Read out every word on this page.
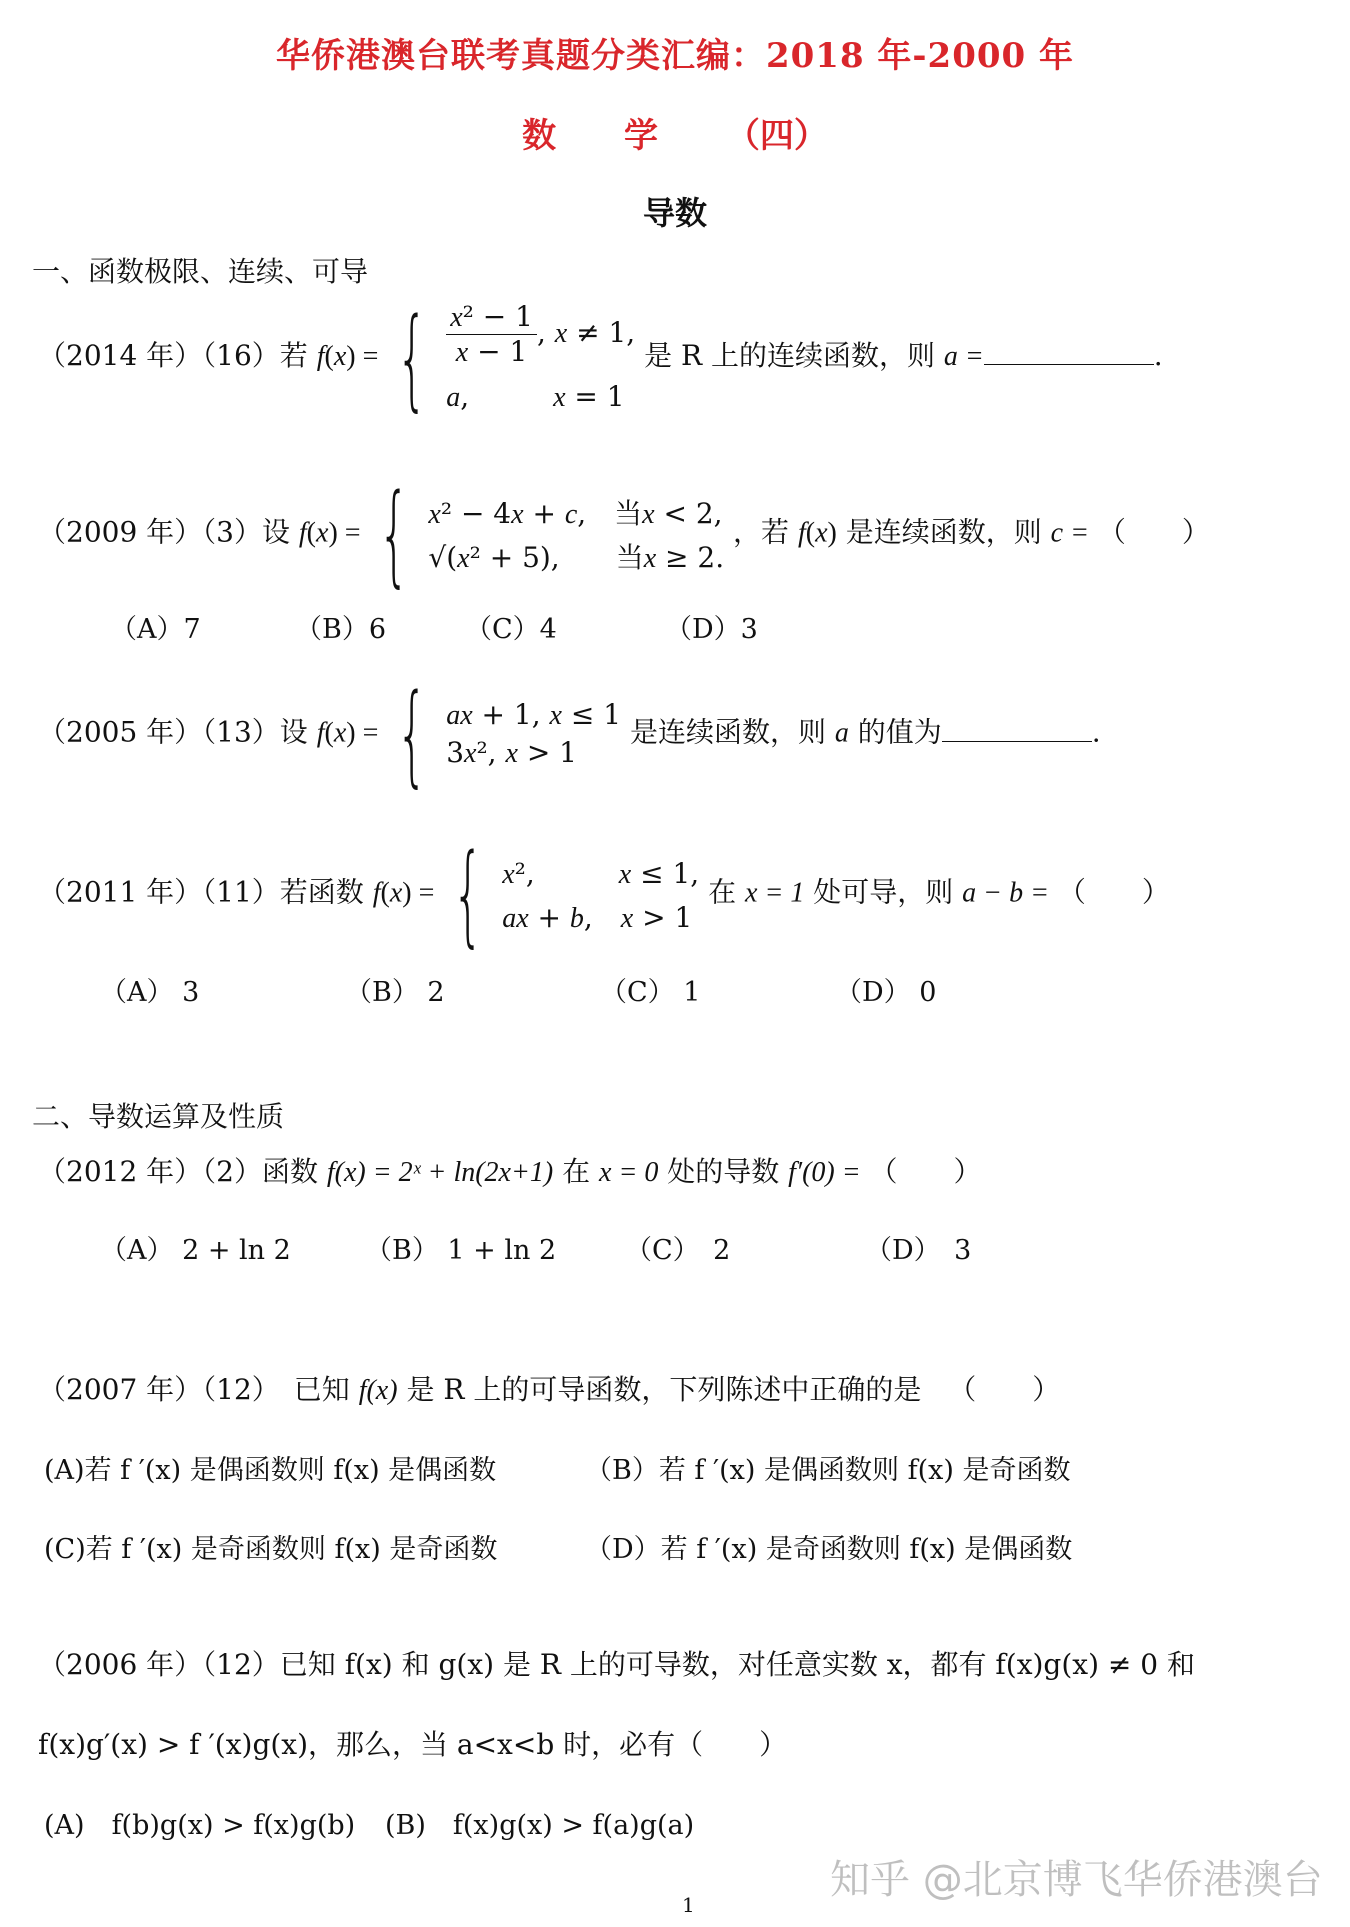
华侨港澳台联考真题分类汇编：2018 年-2000 年
数 学 （四）
导数
一、函数极限、连续、可导
（2014 年）（16）若 f(x) = { $\frac{\text{x² − 1}}{x - 1}$ , x ≠ 1,
a,　　　x = 1
是 R 上的连续函数，则 a =	.
（2009 年）（3）设 f(x) = { x² − 4x + c,　当x < 2,
√(x² + 5),　　当x ≥ 2.
，若 f(x) 是连续函数，则 c = （　　）
（A）7	（B）6	（C）4	（D）3
（2005 年）（13）设 f(x) = { ax + 1, x ≤ 1
3x², x > 1
是连续函数，则 a 的值为	.
（2011 年）（11）若函数 f(x) = { x²,　　　x ≤ 1,
ax + b,　x > 1
在 x = 1 处可导，则 a − b = （　　）
（A） 3	（B） 2	（C） 1	（D） 0
二、导数运算及性质
（2012 年）（2）函数 f(x) = 2ˣ + ln(2x+1) 在 x = 0 处的导数 f′(0) = （　　）
（A） 2 + ln 2	（B） 1 + ln 2	（C）　2	（D）　3
（2007 年）（12）　已知 f(x) 是 R 上的可导函数，下列陈述中正确的是 （　　）
(A)若 f ′(x) 是偶函数则 f(x) 是偶函数	（B）若 f ′(x) 是偶函数则 f(x) 是奇函数
(C)若 f ′(x) 是奇函数则 f(x) 是奇函数	（D）若 f ′(x) 是奇函数则 f(x) 是偶函数
（2006 年）（12）已知 f(x) 和 g(x) 是 R 上的可导数，对任意实数 x，都有 f(x)g(x) ≠ 0 和
f(x)g′(x) > f ′(x)g(x)，那么，当 a<x<b 时，必有（　　）
(A)　f(b)g(x) > f(x)g(b) (B)　f(x)g(x) > f(a)g(a)
知乎 @北京博飞华侨港澳台
1
